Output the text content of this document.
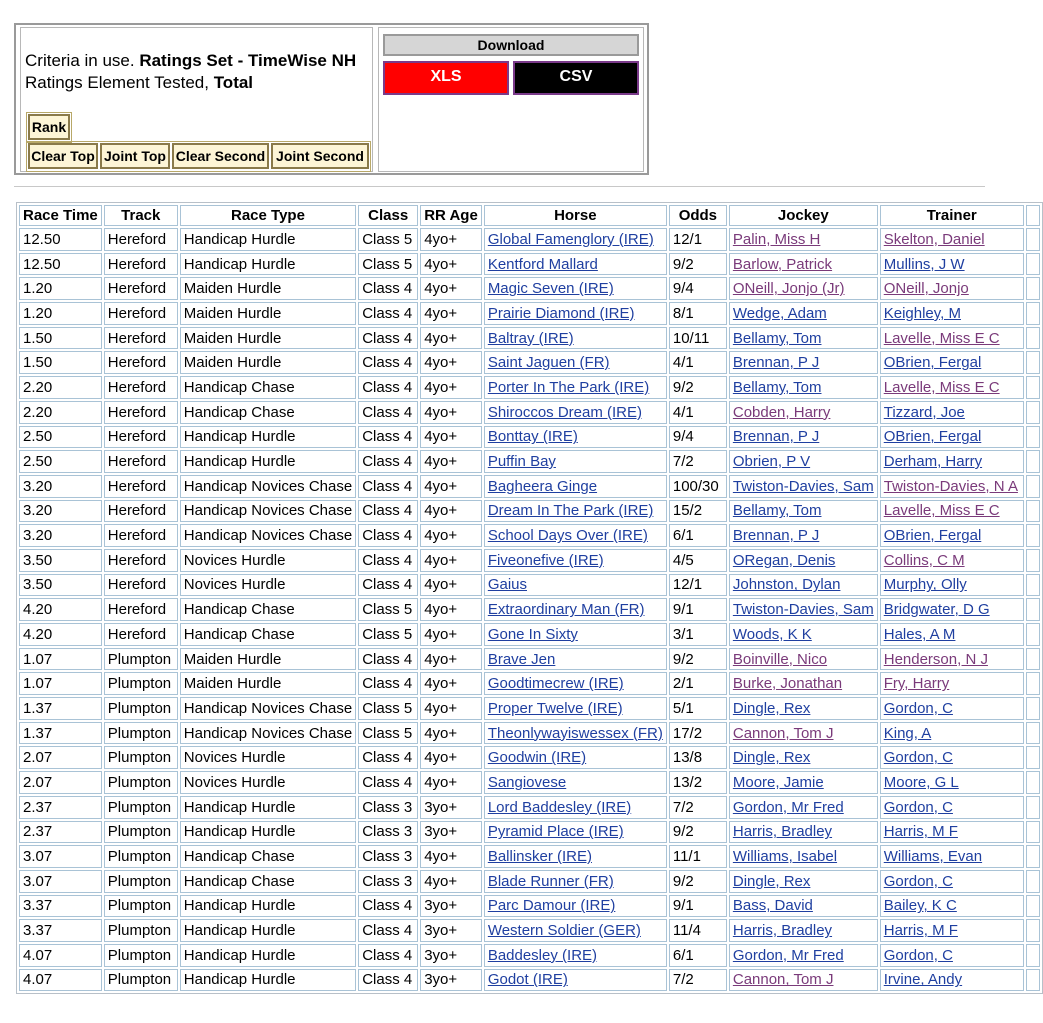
Criteria in use. Ratings Set - TimeWise NH
Ratings Element Tested, Total
Rank
Clear Top Joint Top Clear Second Joint Second
Download
XLS	CSV
Race Time	Track	Race Type	Class	RR Age	Horse	Odds	Jockey	Trainer	
12.50	Hereford	Handicap Hurdle	Class 5	4yo+	Global Famenglory (IRE)	12/1	Palin, Miss H	Skelton, Daniel	
12.50	Hereford	Handicap Hurdle	Class 5	4yo+	Kentford Mallard	9/2	Barlow, Patrick	Mullins, J W	
1.20	Hereford	Maiden Hurdle	Class 4	4yo+	Magic Seven (IRE)	9/4	ONeill, Jonjo (Jr)	ONeill, Jonjo	
1.20	Hereford	Maiden Hurdle	Class 4	4yo+	Prairie Diamond (IRE)	8/1	Wedge, Adam	Keighley, M	
1.50	Hereford	Maiden Hurdle	Class 4	4yo+	Baltray (IRE)	10/11	Bellamy, Tom	Lavelle, Miss E C	
1.50	Hereford	Maiden Hurdle	Class 4	4yo+	Saint Jaguen (FR)	4/1	Brennan, P J	OBrien, Fergal	
2.20	Hereford	Handicap Chase	Class 4	4yo+	Porter In The Park (IRE)	9/2	Bellamy, Tom	Lavelle, Miss E C	
2.20	Hereford	Handicap Chase	Class 4	4yo+	Shiroccos Dream (IRE)	4/1	Cobden, Harry	Tizzard, Joe	
2.50	Hereford	Handicap Hurdle	Class 4	4yo+	Bonttay (IRE)	9/4	Brennan, P J	OBrien, Fergal	
2.50	Hereford	Handicap Hurdle	Class 4	4yo+	Puffin Bay	7/2	Obrien, P V	Derham, Harry	
3.20	Hereford	Handicap Novices Chase	Class 4	4yo+	Bagheera Ginge	100/30	Twiston-Davies, Sam	Twiston-Davies, N A	
3.20	Hereford	Handicap Novices Chase	Class 4	4yo+	Dream In The Park (IRE)	15/2	Bellamy, Tom	Lavelle, Miss E C	
3.20	Hereford	Handicap Novices Chase	Class 4	4yo+	School Days Over (IRE)	6/1	Brennan, P J	OBrien, Fergal	
3.50	Hereford	Novices Hurdle	Class 4	4yo+	Fiveonefive (IRE)	4/5	ORegan, Denis	Collins, C M	
3.50	Hereford	Novices Hurdle	Class 4	4yo+	Gaius	12/1	Johnston, Dylan	Murphy, Olly	
4.20	Hereford	Handicap Chase	Class 5	4yo+	Extraordinary Man (FR)	9/1	Twiston-Davies, Sam	Bridgwater, D G	
4.20	Hereford	Handicap Chase	Class 5	4yo+	Gone In Sixty	3/1	Woods, K K	Hales, A M	
1.07	Plumpton	Maiden Hurdle	Class 4	4yo+	Brave Jen	9/2	Boinville, Nico	Henderson, N J	
1.07	Plumpton	Maiden Hurdle	Class 4	4yo+	Goodtimecrew (IRE)	2/1	Burke, Jonathan	Fry, Harry	
1.37	Plumpton	Handicap Novices Chase	Class 5	4yo+	Proper Twelve (IRE)	5/1	Dingle, Rex	Gordon, C	
1.37	Plumpton	Handicap Novices Chase	Class 5	4yo+	Theonlywayiswessex (FR)	17/2	Cannon, Tom J	King, A	
2.07	Plumpton	Novices Hurdle	Class 4	4yo+	Goodwin (IRE)	13/8	Dingle, Rex	Gordon, C	
2.07	Plumpton	Novices Hurdle	Class 4	4yo+	Sangiovese	13/2	Moore, Jamie	Moore, G L	
2.37	Plumpton	Handicap Hurdle	Class 3	3yo+	Lord Baddesley (IRE)	7/2	Gordon, Mr Fred	Gordon, C	
2.37	Plumpton	Handicap Hurdle	Class 3	3yo+	Pyramid Place (IRE)	9/2	Harris, Bradley	Harris, M F	
3.07	Plumpton	Handicap Chase	Class 3	4yo+	Ballinsker (IRE)	11/1	Williams, Isabel	Williams, Evan	
3.07	Plumpton	Handicap Chase	Class 3	4yo+	Blade Runner (FR)	9/2	Dingle, Rex	Gordon, C	
3.37	Plumpton	Handicap Hurdle	Class 4	3yo+	Parc Damour (IRE)	9/1	Bass, David	Bailey, K C	
3.37	Plumpton	Handicap Hurdle	Class 4	3yo+	Western Soldier (GER)	11/4	Harris, Bradley	Harris, M F	
4.07	Plumpton	Handicap Hurdle	Class 4	3yo+	Baddesley (IRE)	6/1	Gordon, Mr Fred	Gordon, C	
4.07	Plumpton	Handicap Hurdle	Class 4	3yo+	Godot (IRE)	7/2	Cannon, Tom J	Irvine, Andy	
